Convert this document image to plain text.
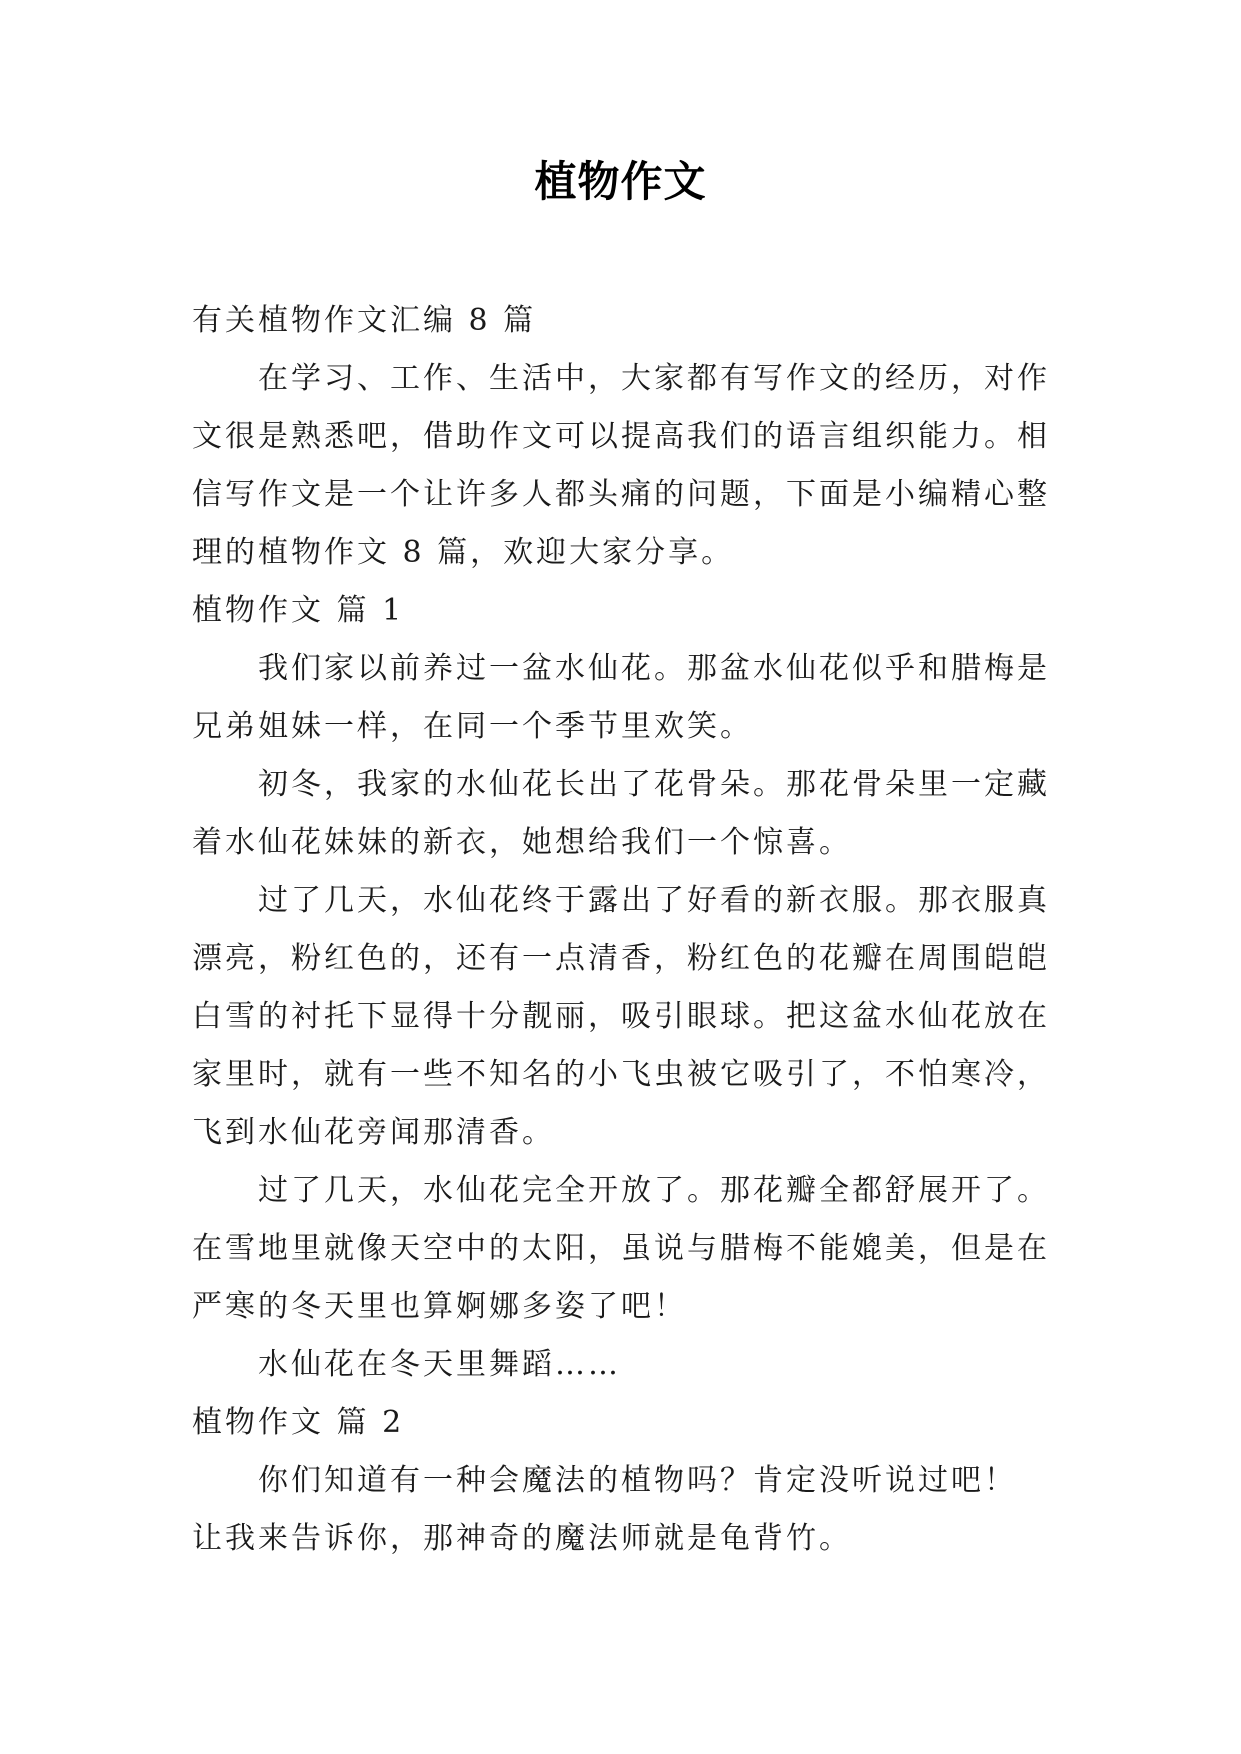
植物作文
有关植物作文汇编 8 篇
在学习、工作、生活中，大家都有写作文的经历，对作
文很是熟悉吧，借助作文可以提高我们的语言组织能力。相
信写作文是一个让许多人都头痛的问题，下面是小编精心整
理的植物作文 8 篇，欢迎大家分享。
植物作文 篇 1
我们家以前养过一盆水仙花。那盆水仙花似乎和腊梅是
兄弟姐妹一样，在同一个季节里欢笑。
初冬，我家的水仙花长出了花骨朵。那花骨朵里一定藏
着水仙花妹妹的新衣，她想给我们一个惊喜。
过了几天，水仙花终于露出了好看的新衣服。那衣服真
漂亮，粉红色的，还有一点清香，粉红色的花瓣在周围皑皑
白雪的衬托下显得十分靓丽，吸引眼球。把这盆水仙花放在
家里时，就有一些不知名的小飞虫被它吸引了，不怕寒冷，
飞到水仙花旁闻那清香。
过了几天，水仙花完全开放了。那花瓣全都舒展开了。
在雪地里就像天空中的太阳，虽说与腊梅不能媲美，但是在
严寒的冬天里也算婀娜多姿了吧！
水仙花在冬天里舞蹈……
植物作文 篇 2
你们知道有一种会魔法的植物吗？肯定没听说过吧！
让我来告诉你，那神奇的魔法师就是龟背竹。
